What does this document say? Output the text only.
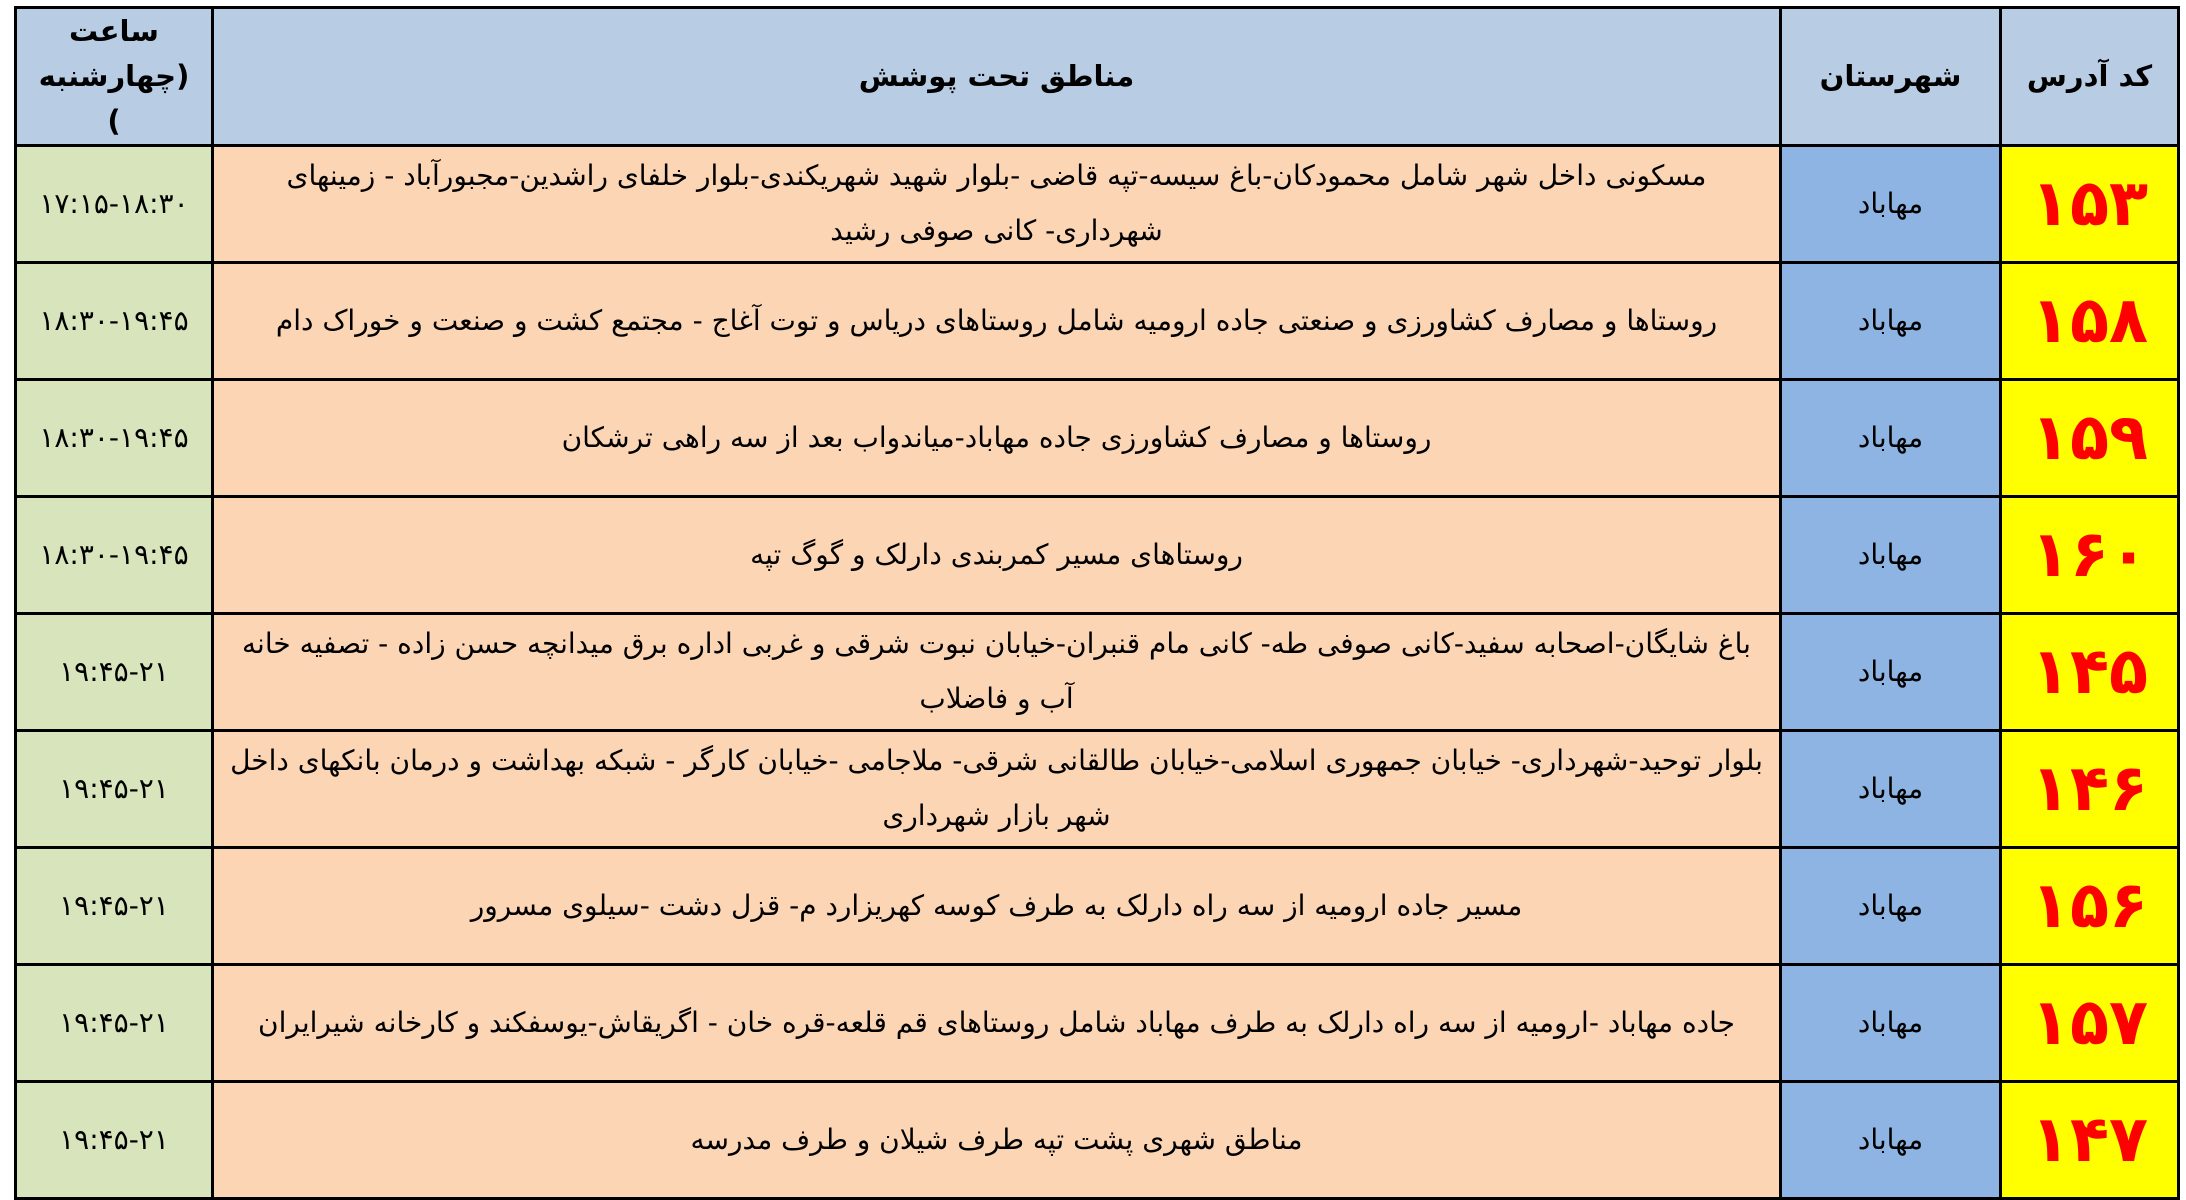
کد آدرس	شهرستان	مناطق تحت پوشش	ساعت
(چهارشنبه )

۱۵۳	مهاباد	مسکونی داخل شهر شامل محمودکان-باغ سیسه-تپه قاضی -بلوار شهید شهریکندی-بلوار خلفای راشدین-مجبورآباد - زمینهای شهرداری- کانی صوفی رشید	۱۷:۱۵-۱۸:۳۰
۱۵۸	مهاباد	روستاها و مصارف کشاورزی و صنعتی جاده ارومیه شامل روستاهای دریاس و توت آغاج - مجتمع کشت و صنعت و خوراک دام	۱۸:۳۰-۱۹:۴۵
۱۵۹	مهاباد	روستاها و مصارف کشاورزی جاده مهاباد-میاندواب بعد از سه راهی ترشکان	۱۸:۳۰-۱۹:۴۵
۱۶۰	مهاباد	روستاهای مسیر کمربندی دارلک و گوگ تپه	۱۸:۳۰-۱۹:۴۵
۱۴۵	مهاباد	باغ شایگان-اصحابه سفید-کانی صوفی طه- کانی مام قنبران-خیابان نبوت شرقی و غربی اداره برق میدانچه حسن زاده - تصفیه خانه آب و فاضلاب	۱۹:۴۵-۲۱
۱۴۶	مهاباد	بلوار توحید-شهرداری- خیابان جمهوری اسلامی-خیابان طالقانی شرقی- ملاجامی -خیابان کارگر - شبکه بهداشت و درمان بانکهای داخل شهر بازار شهرداری	۱۹:۴۵-۲۱
۱۵۶	مهاباد	مسیر جاده ارومیه از سه راه دارلک به طرف کوسه کهریزارد م- قزل دشت -سیلوی مسرور	۱۹:۴۵-۲۱
۱۵۷	مهاباد	جاده مهاباد -ارومیه از سه راه دارلک به طرف مهاباد شامل روستاهای قم قلعه-قره خان - اگریقاش-یوسفکند و کارخانه شیرایران	۱۹:۴۵-۲۱
۱۴۷	مهاباد	مناطق شهری پشت تپه طرف شیلان و طرف مدرسه	۱۹:۴۵-۲۱
